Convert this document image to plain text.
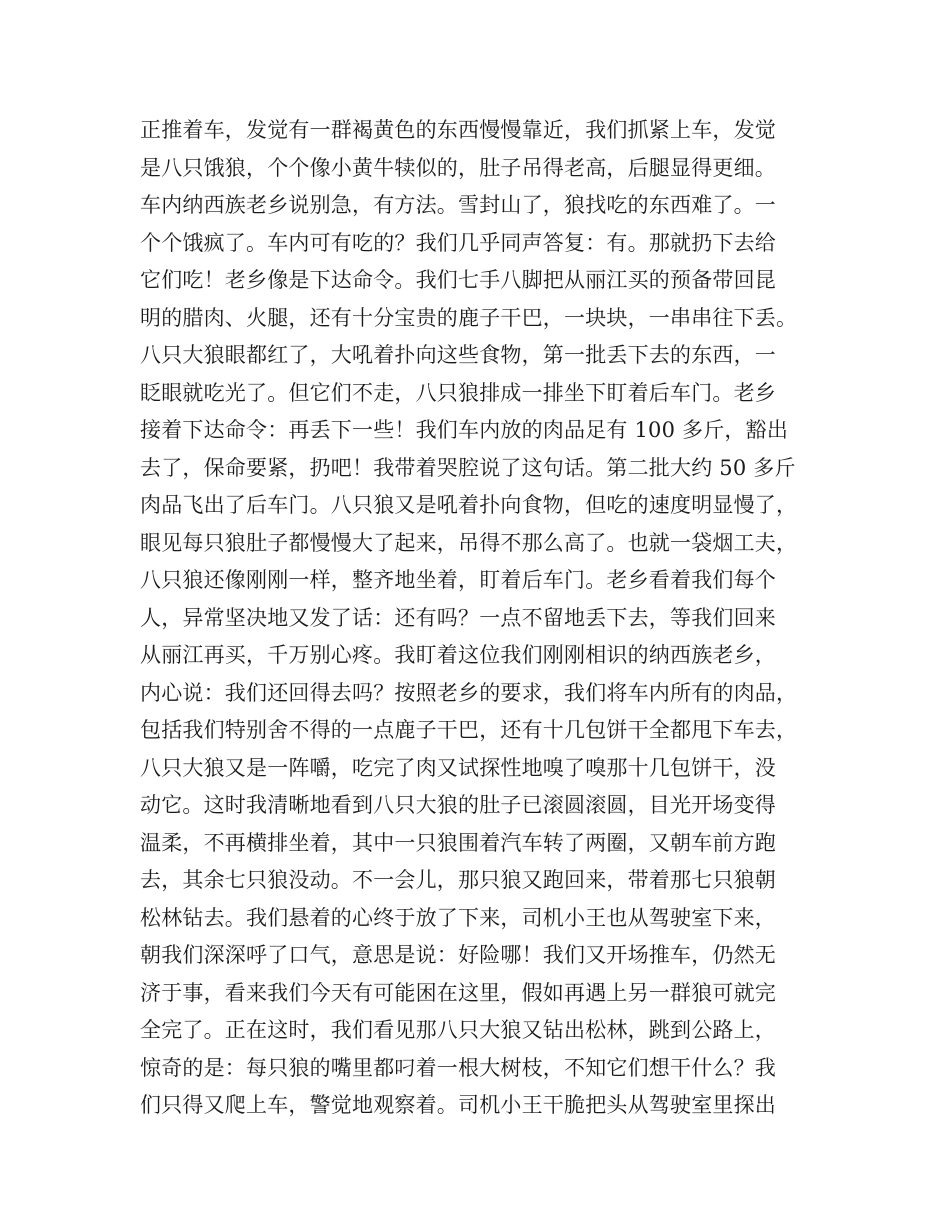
正推着车，发觉有一群褐黄色的东西慢慢靠近，我们抓紧上车，发觉
是八只饿狼，个个像小黄牛犊似的，肚子吊得老高，后腿显得更细。
车内纳西族老乡说别急，有方法。雪封山了，狼找吃的东西难了。一
个个饿疯了。车内可有吃的？我们几乎同声答复：有。那就扔下去给
它们吃！老乡像是下达命令。我们七手八脚把从丽江买的预备带回昆
明的腊肉、火腿，还有十分宝贵的鹿子干巴，一块块，一串串往下丢。
八只大狼眼都红了，大吼着扑向这些食物，第一批丢下去的东西，一
眨眼就吃光了。但它们不走，八只狼排成一排坐下盯着后车门。老乡
接着下达命令：再丢下一些！我们车内放的肉品足有 100 多斤，豁出
去了，保命要紧，扔吧！我带着哭腔说了这句话。第二批大约 50 多斤
肉品飞出了后车门。八只狼又是吼着扑向食物，但吃的速度明显慢了，
眼见每只狼肚子都慢慢大了起来，吊得不那么高了。也就一袋烟工夫，
八只狼还像刚刚一样，整齐地坐着，盯着后车门。老乡看着我们每个
人，异常坚决地又发了话：还有吗？一点不留地丢下去，等我们回来
从丽江再买，千万别心疼。我盯着这位我们刚刚相识的纳西族老乡，
内心说：我们还回得去吗？按照老乡的要求，我们将车内所有的肉品，
包括我们特别舍不得的一点鹿子干巴，还有十几包饼干全都甩下车去，
八只大狼又是一阵嚼，吃完了肉又试探性地嗅了嗅那十几包饼干，没
动它。这时我清晰地看到八只大狼的肚子已滚圆滚圆，目光开场变得
温柔，不再横排坐着，其中一只狼围着汽车转了两圈，又朝车前方跑
去，其余七只狼没动。不一会儿，那只狼又跑回来，带着那七只狼朝
松林钻去。我们悬着的心终于放了下来，司机小王也从驾驶室下来，
朝我们深深呼了口气，意思是说：好险哪！我们又开场推车，仍然无
济于事，看来我们今天有可能困在这里，假如再遇上另一群狼可就完
全完了。正在这时，我们看见那八只大狼又钻出松林，跳到公路上，
惊奇的是：每只狼的嘴里都叼着一根大树枝，不知它们想干什么？我
们只得又爬上车，警觉地观察着。司机小王干脆把头从驾驶室里探出
